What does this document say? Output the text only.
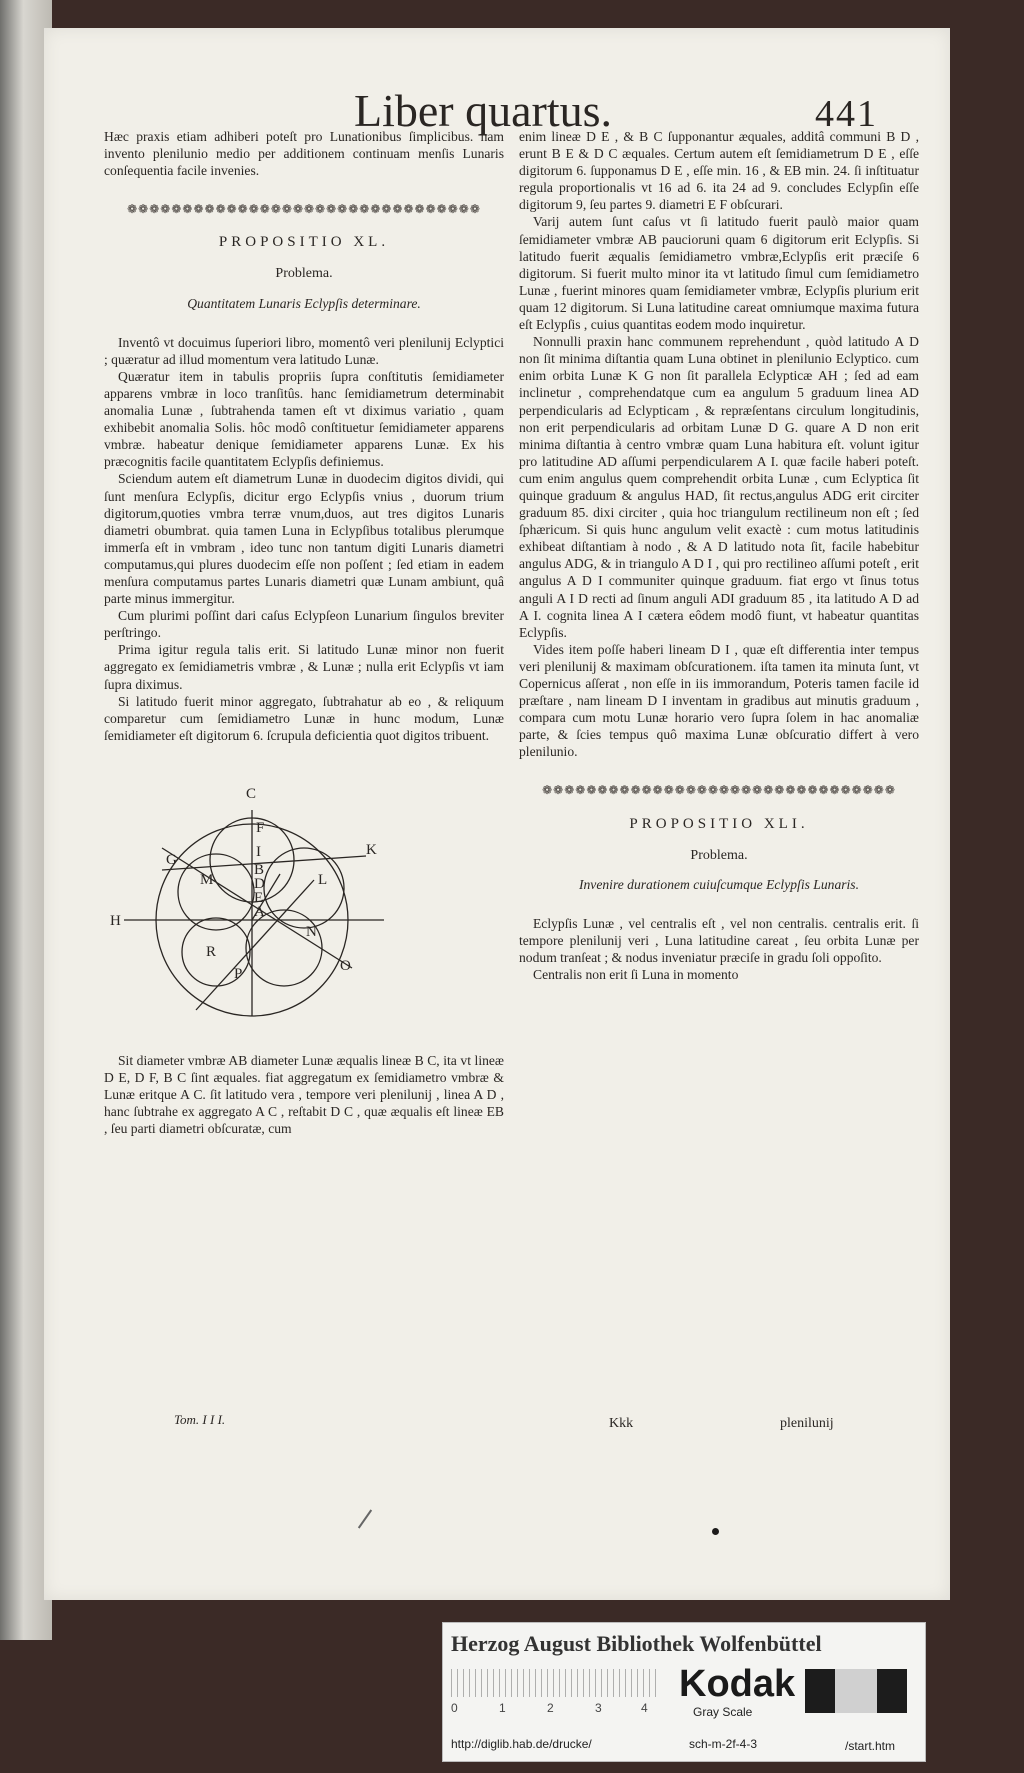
Liber quartus.	441

Hæc praxis etiam adhiberi poteſt pro Lunationibus ſimplicibus. nam invento plenilunio medio per additionem continuam menſis Lunaris conſequentia facile invenies.

❁❁❁❁❁❁❁❁❁❁❁❁❁❁❁❁❁❁❁❁❁❁❁❁❁❁❁❁❁❁❁❁
PROPOSITIO XL.
Problema.
Quantitatem Lunaris Eclypſis determinare.

Inventô vt docuimus ſuperiori libro, momentô veri plenilunij Eclyptici ; quæratur ad illud momentum vera latitudo Lunæ.

Quæratur item in tabulis propriis ſupra conſtitutis ſemidiameter apparens vmbræ in loco tranſitûs. hanc ſemidiametrum determinabit anomalia Lunæ , ſubtrahenda tamen eſt vt diximus variatio , quam exhibebit anomalia Solis. hôc modô conſtituetur ſemidiameter apparens vmbræ. habeatur denique ſemidiameter apparens Lunæ. Ex his præcognitis facile quantitatem Eclypſis definiemus.

Sciendum autem eſt diametrum Lunæ in duodecim digitos dividi, qui ſunt menſura Eclypſis, dicitur ergo Eclypſis vnius , duorum trium digitorum,quoties vmbra terræ vnum,duos, aut tres digitos Lunaris diametri obumbrat. quia tamen Luna in Eclypſibus totalibus plerumque immerſa eſt in vmbram , ideo tunc non tantum digiti Lunaris diametri computamus,qui plures duodecim eſſe non poſſent ; ſed etiam in eadem menſura computamus partes Lunaris diametri quæ Lunam ambiunt, quâ parte minus immergitur.

Cum plurimi poſſint dari caſus Eclypſeon Lunarium ſingulos breviter perſtringo.

Prima igitur regula talis erit. Si latitudo Lunæ minor non fuerit aggregato ex ſemidiametris vmbræ , & Lunæ ; nulla erit Eclypſis vt iam ſupra diximus.

Si latitudo fuerit minor aggregato, ſubtrahatur ab eo , & reliquum comparetur cum ſemidiametro Lunæ in hunc modum, Lunæ ſemidiameter eſt digitorum 6. ſcrupula deficientia quot digitos tribuent.

C
F
G	I	K
M
B
D	L
E
A
H
N
R
P	O

Sit diameter vmbræ AB diameter Lunæ æqualis lineæ B C, ita vt lineæ D E, D F, B C ſint æquales. fiat aggregatum ex ſemidiametro vmbræ & Lunæ eritque A C. ſit latitudo vera , tempore veri plenilunij , linea A D , hanc ſubtrahe ex aggregato A C , reſtabit D C , quæ æqualis eſt lineæ EB , ſeu parti diametri obſcuratæ, cum

enim lineæ D E , & B C ſupponantur æquales, additâ communi B D , erunt B E & D C æquales. Certum autem eſt ſemidiametrum D E , eſſe digitorum 6. ſupponamus D E , eſſe min. 16 , & EB min. 24. ſi inſtituatur regula proportionalis vt 16 ad 6. ita 24 ad 9. concludes Eclypſin eſſe digitorum 9, ſeu partes 9. diametri E F obſcurari.

Varij autem ſunt caſus vt ſi latitudo fuerit paulò maior quam ſemidiameter vmbræ AB paucioruni quam 6 digitorum erit Eclypſis. Si latitudo fuerit æqualis ſemidiametro vmbræ,Eclypſis erit præciſe 6 digitorum. Si fuerit multo minor ita vt latitudo ſimul cum ſemidiametro Lunæ , fuerint minores quam ſemidiameter vmbræ, Eclypſis plurium erit quam 12 digitorum. Si Luna latitudine careat omniumque maxima futura eſt Eclypſis , cuius quantitas eodem modo inquiretur.

Nonnulli praxin hanc communem reprehendunt , quòd latitudo A D non ſit minima diſtantia quam Luna obtinet in plenilunio Eclyptico. cum enim orbita Lunæ K G non ſit parallela Eclypticæ AH ; ſed ad eam inclinetur , comprehendatque cum ea angulum 5 graduum linea AD perpendicularis ad Eclypticam , & repræſentans circulum longitudinis, non erit perpendicularis ad orbitam Lunæ D G. quare A D non erit minima diſtantia à centro vmbræ quam Luna habitura eſt. volunt igitur pro latitudine AD aſſumi perpendicularem A I. quæ facile haberi poteſt. cum enim angulus quem comprehendit orbita Lunæ , cum Eclyptica ſit quinque graduum & angulus HAD, ſit rectus,angulus ADG erit circiter graduum 85. dixi circiter , quia hoc triangulum rectilineum non eſt ; ſed ſphæricum. Si quis hunc angulum velit exactè : cum motus latitudinis exhibeat diſtantiam à nodo , & A D latitudo nota ſit, facile habebitur angulus ADG, & in triangulo A D I , qui pro rectilineo aſſumi poteſt , erit angulus A D I communiter quinque graduum. fiat ergo vt ſinus totus anguli A I D recti ad ſinum anguli ADI graduum 85 , ita latitudo A D ad A I. cognita linea A I cætera eôdem modô fiunt, vt habeatur quantitas Eclypſis.

Vides item poſſe haberi lineam D I , quæ eſt differentia inter tempus veri plenilunij & maximam obſcurationem. iſta tamen ita minuta ſunt, vt Copernicus aſſerat , non eſſe in iis immorandum, Poteris tamen facile id præſtare , nam lineam D I inventam in gradibus aut minutis graduum , compara cum motu Lunæ horario vero ſupra ſolem in hac anomaliæ parte, & ſcies tempus quô maxima Lunæ obſcuratio differt à vero plenilunio.

❁❁❁❁❁❁❁❁❁❁❁❁❁❁❁❁❁❁❁❁❁❁❁❁❁❁❁❁❁❁❁❁
PROPOSITIO XLI.
Problema.
Invenire durationem cuiuſcumque Eclypſis Lunaris.

Eclypſis Lunæ , vel centralis eſt , vel non centralis. centralis erit. ſi tempore plenilunij veri , Luna latitudine careat , ſeu orbita Lunæ per nodum tranſeat ; & nodus inveniatur præciſe in gradu ſoli oppoſito.

Centralis non erit ſi Luna in momento

Tom. I I I.	Kkk	plenilunij
Herzog August Bibliothek Wolfenbüttel
0	1	2	3	4
Kodak
Gray Scale
http://diglib.hab.de/drucke/	sch-m-2f-4-3	/start.htm
